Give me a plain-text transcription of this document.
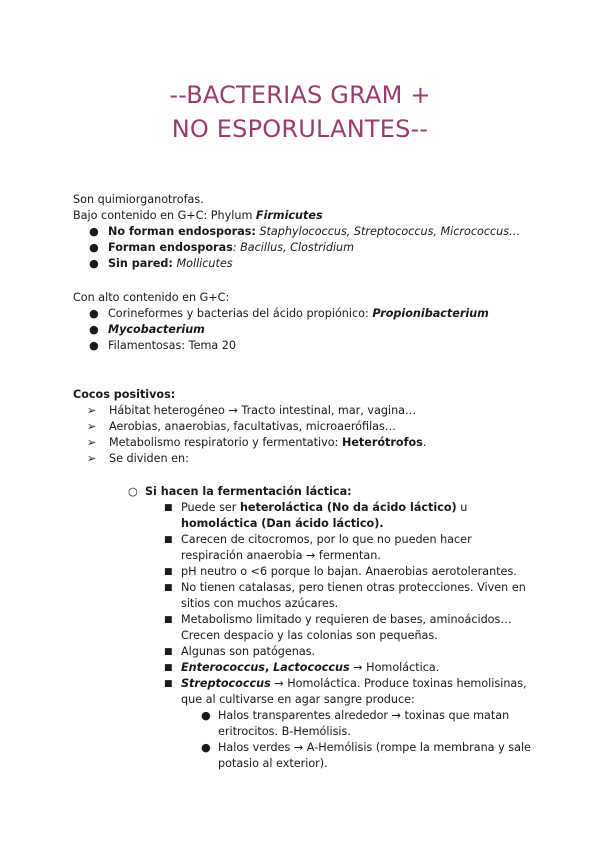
--BACTERIAS GRAM +
NO ESPORULANTES--
Son quimiorganotrofas.
Bajo contenido en G+C: Phylum Firmicutes
● No forman endosporas: Staphylococcus, Streptococcus, Micrococcus…
● Forman endosporas: Bacillus, Clostridium
● Sin pared: Mollicutes
Con alto contenido en G+C:
● Corineformes y bacterias del ácido propiónico: Propionibacterium
● Mycobacterium
● Filamentosas: Tema 20
Cocos positivos:
➢ Hábitat heterogéneo → Tracto intestinal, mar, vagina…
➢ Aerobias, anaerobias, facultativas, microaerófilas…
➢ Metabolismo respiratorio y fermentativo: Heterótrofos.
➢ Se dividen en:
○ Si hacen la fermentación láctica:
■ Puede ser heteroláctica (No da ácido láctico) u homoláctica (Dan ácido láctico).
■ Carecen de citocromos, por lo que no pueden hacer respiración anaerobia → fermentan.
■ pH neutro o <6 porque lo bajan. Anaerobias aerotolerantes.
■ No tienen catalasas, pero tienen otras protecciones. Viven en sitios con muchos azúcares.
■ Metabolismo limitado y requieren de bases, aminoácidos… Crecen despacio y las colonias son pequeñas.
■ Algunas son patógenas.
■ Enterococcus, Lactococcus → Homoláctica.
■ Streptococcus → Homoláctica. Produce toxinas hemolisinas, que al cultivarse en agar sangre produce:
● Halos transparentes alrededor → toxinas que matan eritrocitos. B-Hemólisis.
● Halos verdes → A-Hemólisis (rompe la membrana y sale potasio al exterior).
